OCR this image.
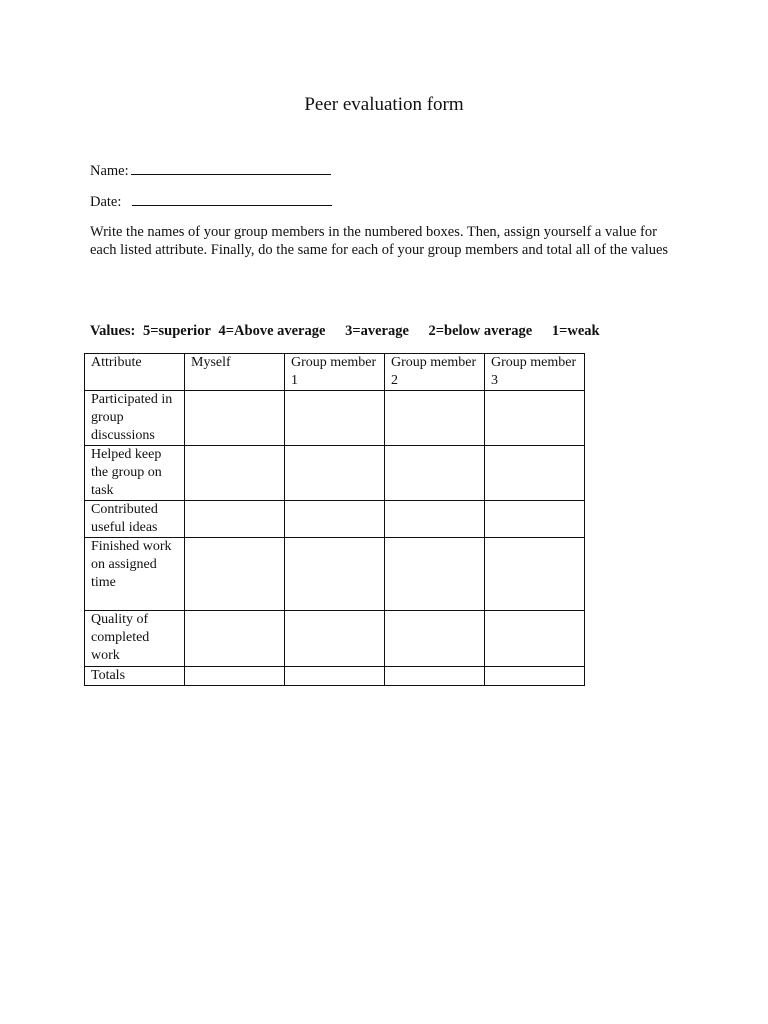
Peer evaluation form
Name:
Date:
Write the names of your group members in the numbered boxes. Then, assign yourself a value for each listed attribute. Finally, do the same for each of your group members and total all of the values
Values: 5=superior 4=Above average 3=average 2=below average 1=weak
Attribute	Myself	Group member 1	Group member 2	Group member 3
Participated in group discussions				
Helped keep the group on task				
Contributed useful ideas				
Finished work on assigned time				
Quality of completed work				
Totals				
